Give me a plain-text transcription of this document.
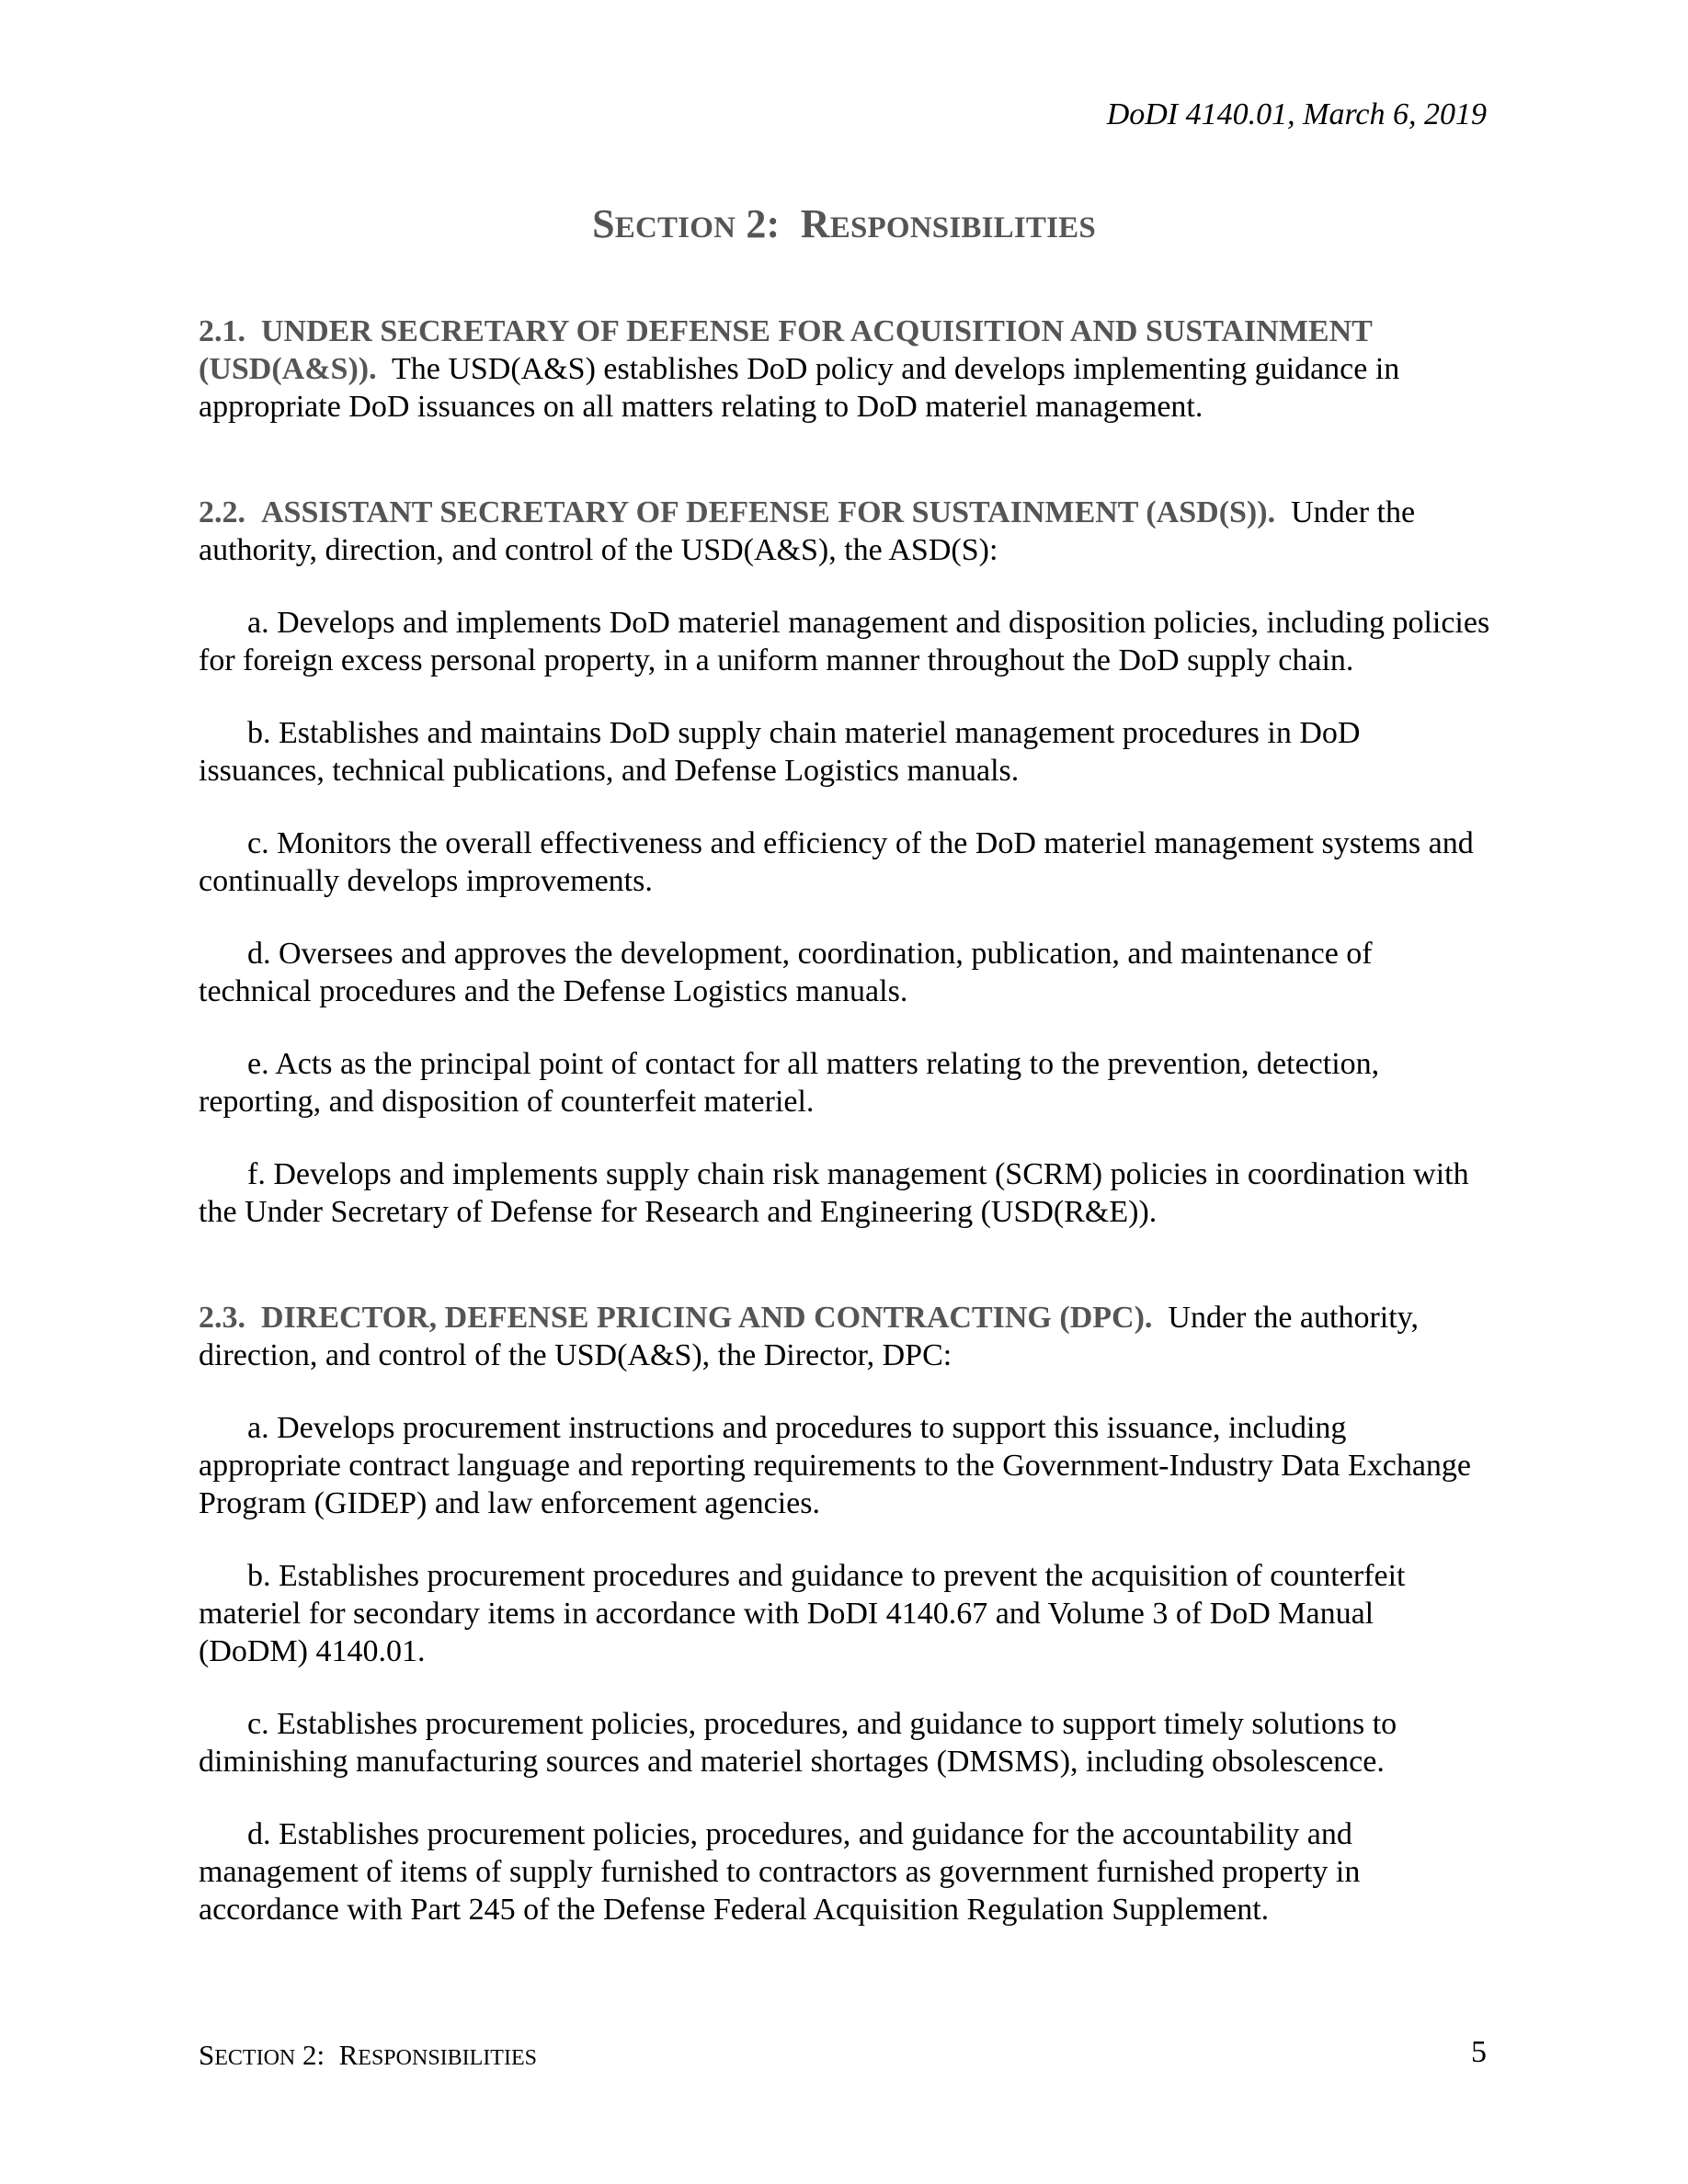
DoDI 4140.01, March 6, 2019
SECTION 2:  RESPONSIBILITIES

2.1. UNDER SECRETARY OF DEFENSE FOR ACQUISITION AND SUSTAINMENT (USD(A&S)). The USD(A&S) establishes DoD policy and develops implementing guidance in appropriate DoD issuances on all matters relating to DoD materiel management.

2.2. ASSISTANT SECRETARY OF DEFENSE FOR SUSTAINMENT (ASD(S)). Under the authority, direction, and control of the USD(A&S), the ASD(S):

a. Develops and implements DoD materiel management and disposition policies, including policies for foreign excess personal property, in a uniform manner throughout the DoD supply chain.

b. Establishes and maintains DoD supply chain materiel management procedures in DoD issuances, technical publications, and Defense Logistics manuals.

c. Monitors the overall effectiveness and efficiency of the DoD materiel management systems and continually develops improvements.

d. Oversees and approves the development, coordination, publication, and maintenance of technical procedures and the Defense Logistics manuals.

e. Acts as the principal point of contact for all matters relating to the prevention, detection, reporting, and disposition of counterfeit materiel.

f. Develops and implements supply chain risk management (SCRM) policies in coordination with the Under Secretary of Defense for Research and Engineering (USD(R&E)).

2.3. DIRECTOR, DEFENSE PRICING AND CONTRACTING (DPC). Under the authority, direction, and control of the USD(A&S), the Director, DPC:

a. Develops procurement instructions and procedures to support this issuance, including appropriate contract language and reporting requirements to the Government-Industry Data Exchange Program (GIDEP) and law enforcement agencies.

b. Establishes procurement procedures and guidance to prevent the acquisition of counterfeit materiel for secondary items in accordance with DoDI 4140.67 and Volume 3 of DoD Manual (DoDM) 4140.01.

c. Establishes procurement policies, procedures, and guidance to support timely solutions to diminishing manufacturing sources and materiel shortages (DMSMS), including obsolescence.

d. Establishes procurement policies, procedures, and guidance for the accountability and management of items of supply furnished to contractors as government furnished property in accordance with Part 245 of the Defense Federal Acquisition Regulation Supplement.

SECTION 2:  RESPONSIBILITIES	5
